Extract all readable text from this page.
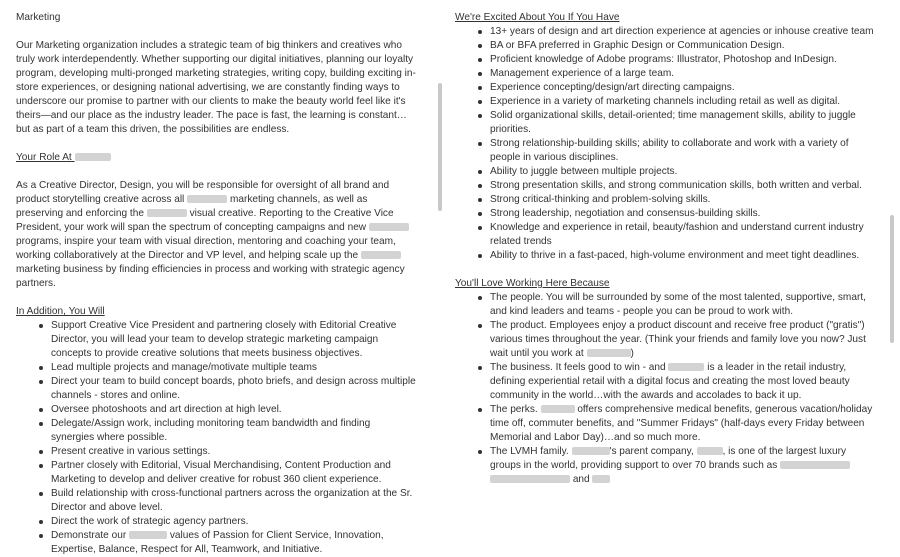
Marketing

Our Marketing organization includes a strategic team of big thinkers and creatives who truly work interdependently. Whether supporting our digital initiatives, planning our loyalty program, developing multi-pronged marketing strategies, writing copy, building exciting in-store experiences, or designing national advertising, we are constantly finding ways to underscore our promise to partner with our clients to make the beauty world feel like it's theirs—and our place as the industry leader. The pace is fast, the learning is constant…but as part of a team this driven, the possibilities are endless.

Your Role At

As a Creative Director, Design, you will be responsible for oversight of all brand and product storytelling creative across all	marketing channels, as well as preserving and enforcing the	visual creative. Reporting to the Creative Vice President, your work will span the spectrum of concepting campaigns and new  programs, inspire your team with visual direction, mentoring and coaching your team, working collaboratively at the Director and VP level, and helping scale up the  marketing business by finding efficiencies in process and working with strategic agency partners.

In Addition, You Will

Support Creative Vice President and partnering closely with Editorial Creative Director, you will lead your team to develop strategic marketing campaign concepts to provide creative solutions that meets business objectives.
Lead multiple projects and manage/motivate multiple teams
Direct your team to build concept boards, photo briefs, and design across multiple channels - stores and online.
Oversee photoshoots and art direction at high level.
Delegate/Assign work, including monitoring team bandwidth and finding synergies where possible.
Present creative in various settings.
Partner closely with Editorial, Visual Merchandising, Content Production and Marketing to develop and deliver creative for robust 360 client experience.
Build relationship with cross-functional partners across the organization at the Sr. Director and above level.
Direct the work of strategic agency partners.
Demonstrate our	values of Passion for Client Service, Innovation, Expertise, Balance, Respect for All, Teamwork, and Initiative.

We're Excited About You If You Have

13+ years of design and art direction experience at agencies or inhouse creative team
BA or BFA preferred in Graphic Design or Communication Design.
Proficient knowledge of Adobe programs: Illustrator, Photoshop and InDesign.
Management experience of a large team.
Experience concepting/design/art directing campaigns.
Experience in a variety of marketing channels including retail as well as digital.
Solid organizational skills, detail-oriented; time management skills, ability to juggle priorities.
Strong relationship-building skills; ability to collaborate and work with a variety of people in various disciplines.
Ability to juggle between multiple projects.
Strong presentation skills, and strong communication skills, both written and verbal.
Strong critical-thinking and problem-solving skills.
Strong leadership, negotiation and consensus-building skills.
Knowledge and experience in retail, beauty/fashion and understand current industry related trends
Ability to thrive in a fast-paced, high-volume environment and meet tight deadlines.

You'll Love Working Here Because

The people. You will be surrounded by some of the most talented, supportive, smart, and kind leaders and teams - people you can be proud to work with.
The product. Employees enjoy a product discount and receive free product ("gratis") various times throughout the year. (Think your friends and family love you now? Just wait until you work at	)
The business. It feels good to win - and	is a leader in the retail industry, defining experiential retail with a digital focus and creating the most loved beauty community in the world…with the awards and accolades to back it up.
The perks.	offers comprehensive medical benefits, generous vacation/holiday time off, commuter benefits, and "Summer Fridays" (half-days every Friday between Memorial and Labor Day)…and so much more.
The LVMH family.	's parent company,	, is one of the largest luxury groups in the world, providing support to over 70 brands such as   and
